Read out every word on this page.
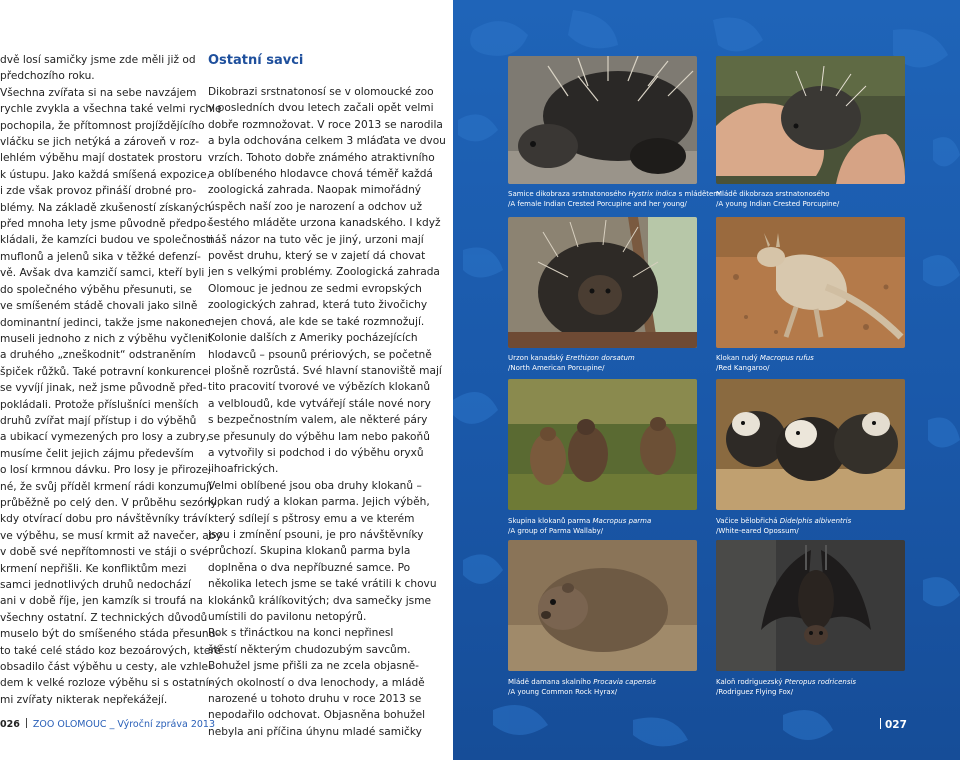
dvě losí samičky jsme zde měli již od

předchozího roku.

Všechna zvířata si na sebe navzájem

rychle zvykla a všechna také velmi rychle

pochopila, že přítomnost projíždějícího

vláčku se jich netýká a zároveň v roz-

lehlém výběhu mají dostatek prostoru

k ústupu. Jako každá smíšená expozice,

i zde však provoz přináší drobné pro-

blémy. Na základě zkušeností získaných

před mnoha lety jsme původně předpo-

kládali, že kamzíci budou ve společnosti

muflonů a jelenů sika v těžké defenzí-

vě. Avšak dva kamzičí samci, kteří byli

do společného výběhu přesunuti, se

ve smíšeném stádě chovali jako silně

dominantní jedinci, takže jsme nakonec

museli jednoho z nich z výběhu vyčlenit

a druhého „zneškodnit“ odstraněním

špiček růžků. Také potravní konkurence

se vyvíjí jinak, než jsme původně před-

pokládali. Protože příslušníci menších

druhů zvířat mají přístup i do výběhů

a ubikací vymezených pro losy a zubry,

musíme čelit jejich zájmu především

o losí krmnou dávku. Pro losy je přiroze-

né, že svůj příděl krmení rádi konzumují

průběžně po celý den. V průběhu sezóny,

kdy otvírací dobu pro návštěvníky tráví

ve výběhu, se musí krmit až navečer, aby

v době své nepřítomnosti ve stáji o své

krmení nepřišli. Ke konfliktům mezi

samci jednotlivých druhů nedochází

ani v době říje, jen kamzík si troufá na

všechny ostatní. Z technických důvodů

muselo být do smíšeného stáda přesunu-

to také celé stádo koz bezoárových, které

obsadilo část výběhu u cesty, ale vzhle-

dem k velké rozloze výběhu si s ostatní-

mi zvířaty nikterak nepřekážejí.

Ostatní savci

Dikobrazi srstnatonosí se v olomoucké zoo

v posledních dvou letech začali opět velmi

dobře rozmnožovat. V roce 2013 se narodila

a byla odchována celkem 3 mláďata ve dvou

vrzích. Tohoto dobře známého atraktivního

a oblíbeného hlodavce chová téměř každá

zoologická zahrada. Naopak mimořádný

úspěch naší zoo je narození a odchov už

šestého mláděte urzona kanadského. I když

náš názor na tuto věc je jiný, urzoni mají

pověst druhu, který se v zajetí dá chovat

jen s velkými problémy. Zoologická zahrada

Olomouc je jednou ze sedmi evropských

zoologických zahrad, která tuto živočichy

nejen chová, ale kde se také rozmnožují.

Kolonie dalších z Ameriky pocházejících

hlodavců – psounů prériových, se početně

i plošně rozrůstá. Své hlavní stanoviště mají

tito pracovití tvorové ve výbězích klokanů

a velbloudů, kde vytvářejí stále nové nory

s bezpečnostním valem, ale některé páry

se přesunuly do výběhu lam nebo pakoňů

a vytvořily si podchod i do výběhu oryxů

jihoafrických.

Velmi oblíbené jsou oba druhy klokanů –

klokan rudý a klokan parma. Jejich výběh,

který sdílejí s pštrosy emu a ve kterém

jsou i zmínění psouni, je pro návštěvníky

průchozí. Skupina klokanů parma byla

doplněna o dva nepříbuzné samce. Po

několika letech jsme se také vrátili k chovu

klokánků králíkovitých; dva samečky jsme

umístili do pavilonu netopýrů.

Rok s třináctkou na konci nepřinesl

štěstí některým chudozubým savcům.

Bohužel jsme přišli za ne zcela objasně-

ných okolností o dva lenochody, a mládě

narozené u tohoto druhu v roce 2013 se

nepodařilo odchovat. Objasněna bohužel

nebyla ani příčina úhynu mladé samičky

026 ZOO OLOMOUC _ Výroční zpráva 2013
Samice dikobraza srstnatonosého Hystrix indica s mládětem
/A female Indian Crested Porcupine and her young/
Mládě dikobraza srstnatonosého
/A young Indian Crested Porcupine/
Urzon kanadský Erethizon dorsatum
/North American Porcupine/
Klokan rudý Macropus rufus
/Red Kangaroo/
Skupina klokanů parma Macropus parma
/A group of Parma Wallaby/
Vačice bělobřichá Didelphis albiventris
/White-eared Opossum/
Mládě damana skalního Procavia capensis
/A young Common Rock Hyrax/
Kaloň rodriguezský Pteropus rodricensis
/Rodriguez Flying Fox/
027
